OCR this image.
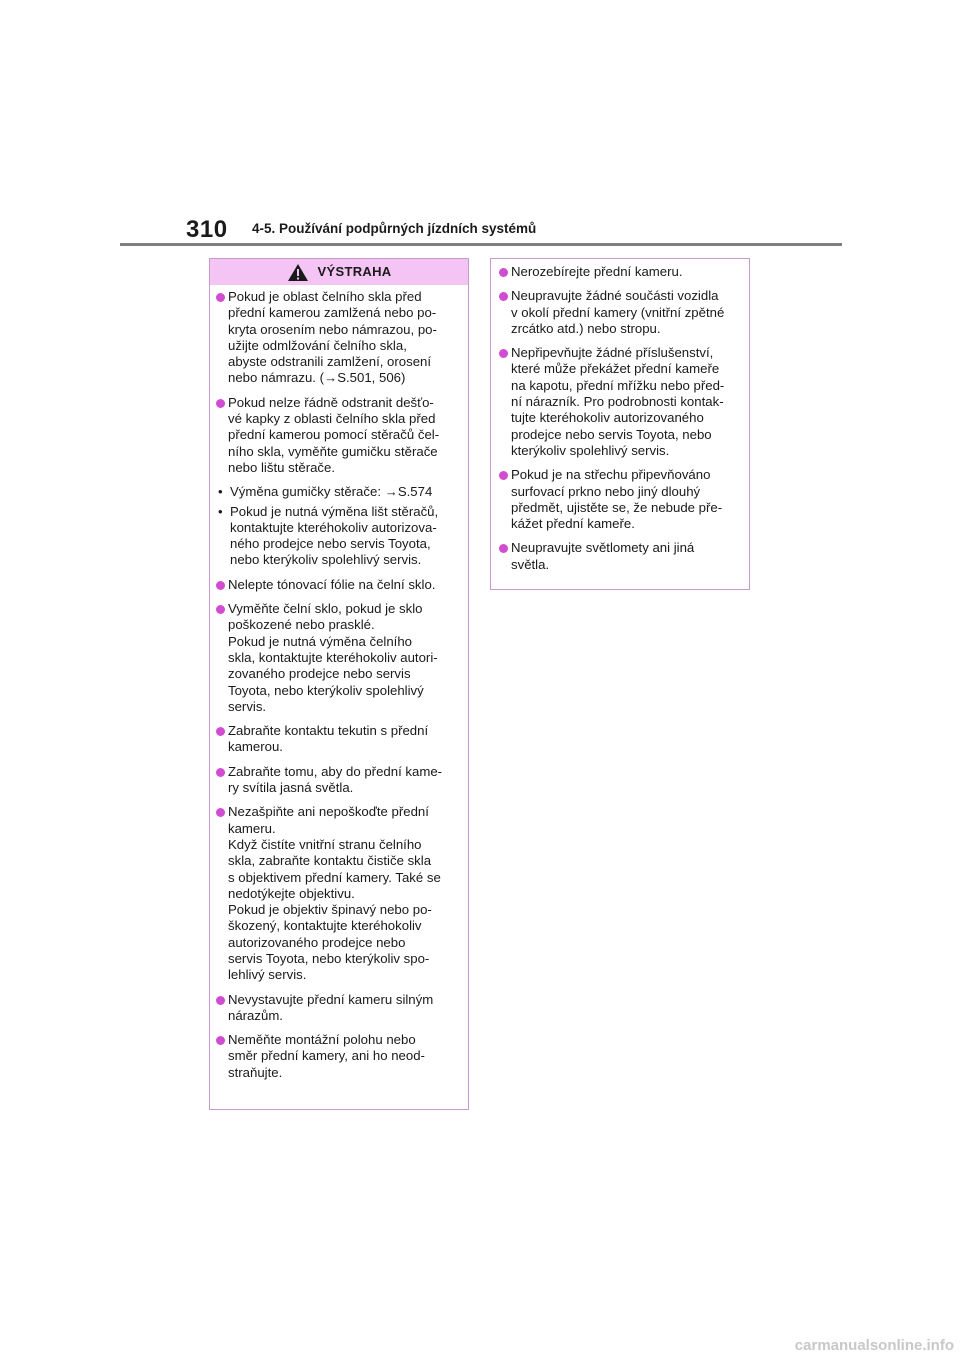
310 4-5. Používání podpůrných jízdních systémů
VÝSTRAHA
Pokud je oblast čelního skla před
přední kamerou zamlžená nebo po-
kryta orosením nebo námrazou, po-
užijte odmlžování čelního skla,
abyste odstranili zamlžení, orosení
nebo námrazu. (→S.501, 506)
Pokud nelze řádně odstranit dešťo-
vé kapky z oblasti čelního skla před
přední kamerou pomocí stěračů čel-
ního skla, vyměňte gumičku stěrače
nebo lištu stěrače.
• Výměna gumičky stěrače: →S.574
• Pokud je nutná výměna lišt stěračů,
kontaktujte kteréhokoliv autorizova-
ného prodejce nebo servis Toyota,
nebo kterýkoliv spolehlivý servis.
Nelepte tónovací fólie na čelní sklo.
Vyměňte čelní sklo, pokud je sklo
poškozené nebo prasklé.
Pokud je nutná výměna čelního
skla, kontaktujte kteréhokoliv autori-
zovaného prodejce nebo servis
Toyota, nebo kterýkoliv spolehlivý
servis.
Zabraňte kontaktu tekutin s přední
kamerou.
Zabraňte tomu, aby do přední kame-
ry svítila jasná světla.
Nezašpiňte ani nepoškoďte přední
kameru.
Když čistíte vnitřní stranu čelního
skla, zabraňte kontaktu čističe skla
s objektivem přední kamery. Také se
nedotýkejte objektivu.
Pokud je objektiv špinavý nebo po-
škozený, kontaktujte kteréhokoliv
autorizovaného prodejce nebo
servis Toyota, nebo kterýkoliv spo-
lehlivý servis.
Nevystavujte přední kameru silným
nárazům.
Neměňte montážní polohu nebo
směr přední kamery, ani ho neod-
straňujte.
Nerozebírejte přední kameru.
Neupravujte žádné součásti vozidla
v okolí přední kamery (vnitřní zpětné
zrcátko atd.) nebo stropu.
Nepřipevňujte žádné příslušenství,
které může překážet přední kameře
na kapotu, přední mřížku nebo před-
ní nárazník. Pro podrobnosti kontak-
tujte kteréhokoliv autorizovaného
prodejce nebo servis Toyota, nebo
kterýkoliv spolehlivý servis.
Pokud je na střechu připevňováno
surfovací prkno nebo jiný dlouhý
předmět, ujistěte se, že nebude pře-
kážet přední kameře.
Neupravujte světlomety ani jiná
světla.
carmanualsonline.info
